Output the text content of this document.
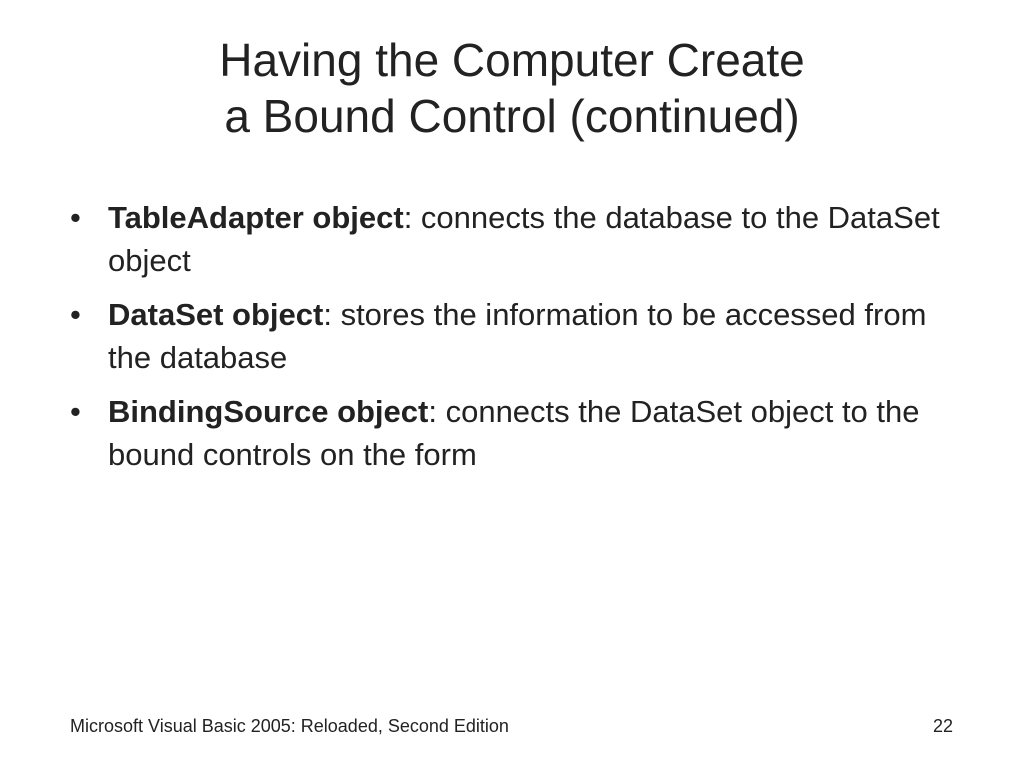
Having the Computer Create
a Bound Control (continued)
• TableAdapter object: connects the database to the DataSet object
• DataSet object: stores the information to be accessed from the database
• BindingSource object: connects the DataSet object to the bound controls on the form
Microsoft Visual Basic 2005: Reloaded, Second Edition	22
